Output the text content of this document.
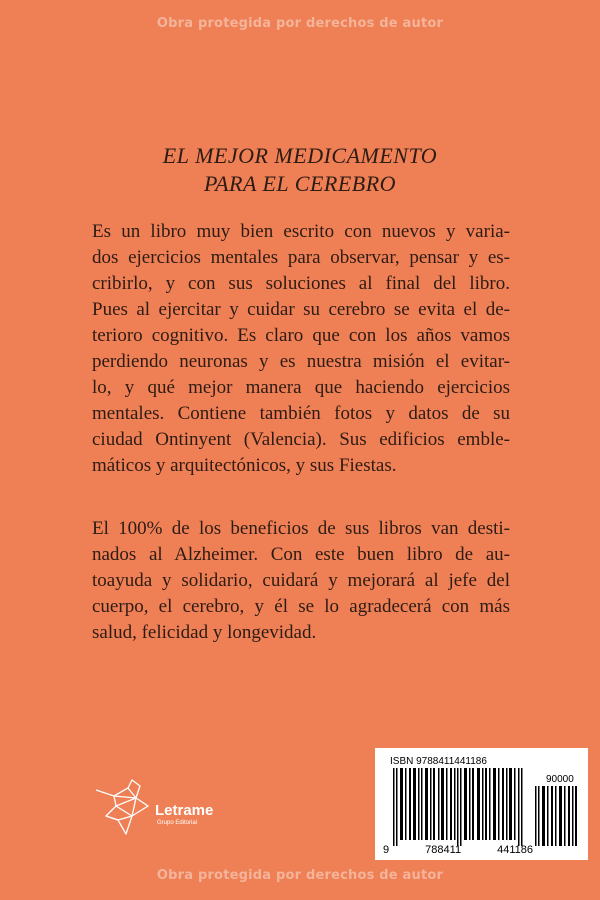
Obra protegida por derechos de autor
EL MEJOR MEDICAMENTO
PARA EL CEREBRO
Es un libro muy bien escrito con nuevos y varia-
dos ejercicios mentales para observar, pensar y es-
cribirlo, y con sus soluciones al final del libro.
Pues al ejercitar y cuidar su cerebro se evita el de-
terioro cognitivo. Es claro que con los años vamos
perdiendo neuronas y es nuestra misión el evitar-
lo, y qué mejor manera que haciendo ejercicios
mentales. Contiene también fotos y datos de su
ciudad Ontinyent (Valencia). Sus edificios emble-
máticos y arquitectónicos, y sus Fiestas.
El 100% de los beneficios de sus libros van desti-
nados al Alzheimer. Con este buen libro de au-
toayuda y solidario, cuidará y mejorará al jefe del
cuerpo, el cerebro, y él se lo agradecerá con más
salud, felicidad y longevidad.
Letrame
Grupo Editorial
ISBN 9788411441186
90000
9	788411	441186
Obra protegida por derechos de autor
